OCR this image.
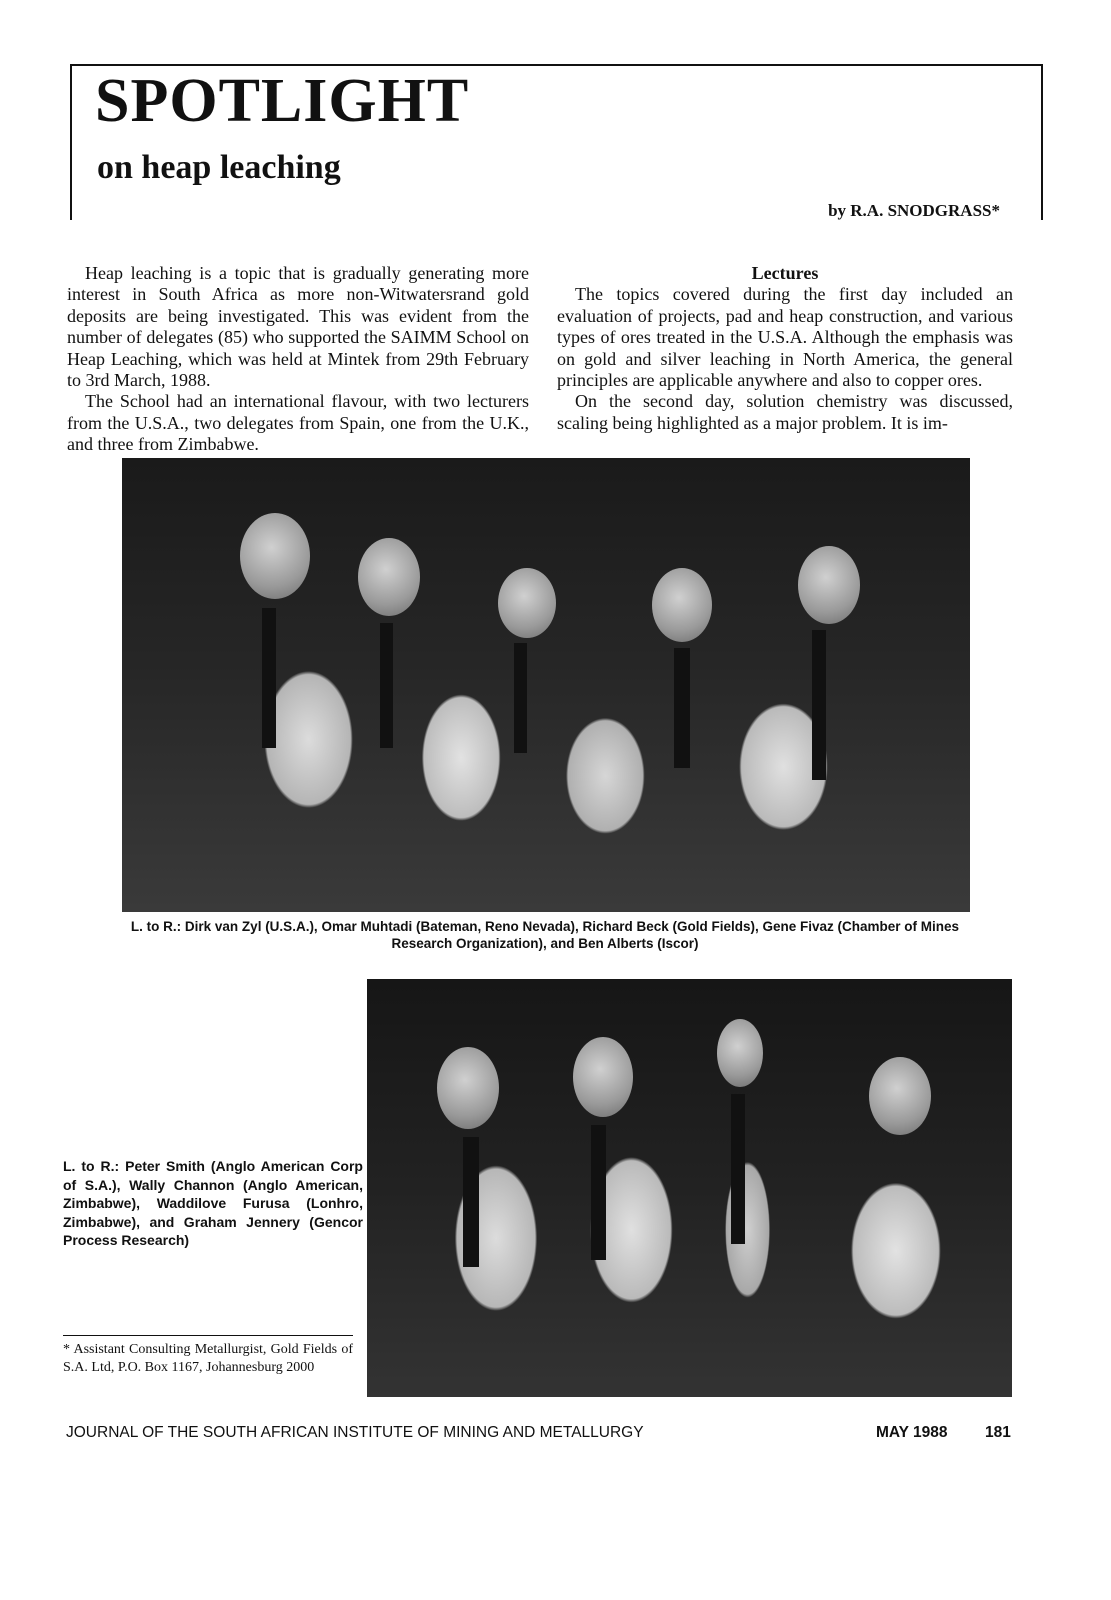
SPOTLIGHT
on heap leaching
by R.A. SNODGRASS*

Heap leaching is a topic that is gradually generating more interest in South Africa as more non-Witwatersrand gold deposits are being investigated. This was evident from the number of delegates (85) who supported the SAIMM School on Heap Leaching, which was held at Mintek from 29th February to 3rd March, 1988.

The School had an international flavour, with two lecturers from the U.S.A., two delegates from Spain, one from the U.K., and three from Zimbabwe.

Lectures

The topics covered during the first day included an evaluation of projects, pad and heap construction, and various types of ores treated in the U.S.A. Although the emphasis was on gold and silver leaching in North America, the general principles are applicable anywhere and also to copper ores.

On the second day, solution chemistry was discussed, scaling being highlighted as a major problem. It is im-

L. to R.: Dirk van Zyl (U.S.A.), Omar Muhtadi (Bateman, Reno Nevada), Richard Beck (Gold Fields), Gene Fivaz (Chamber of Mines Research Organization), and Ben Alberts (Iscor)
L. to R.: Peter Smith (Anglo American Corp of S.A.), Wally Channon (Anglo American, Zimbabwe), Waddilove Furusa (Lonhro, Zimbabwe), and Graham Jennery (Gencor Process Research)
* Assistant Consulting Metallurgist, Gold Fields of S.A. Ltd, P.O. Box 1167, Johannesburg 2000
JOURNAL OF THE SOUTH AFRICAN INSTITUTE OF MINING AND METALLURGY	MAY 1988 181
